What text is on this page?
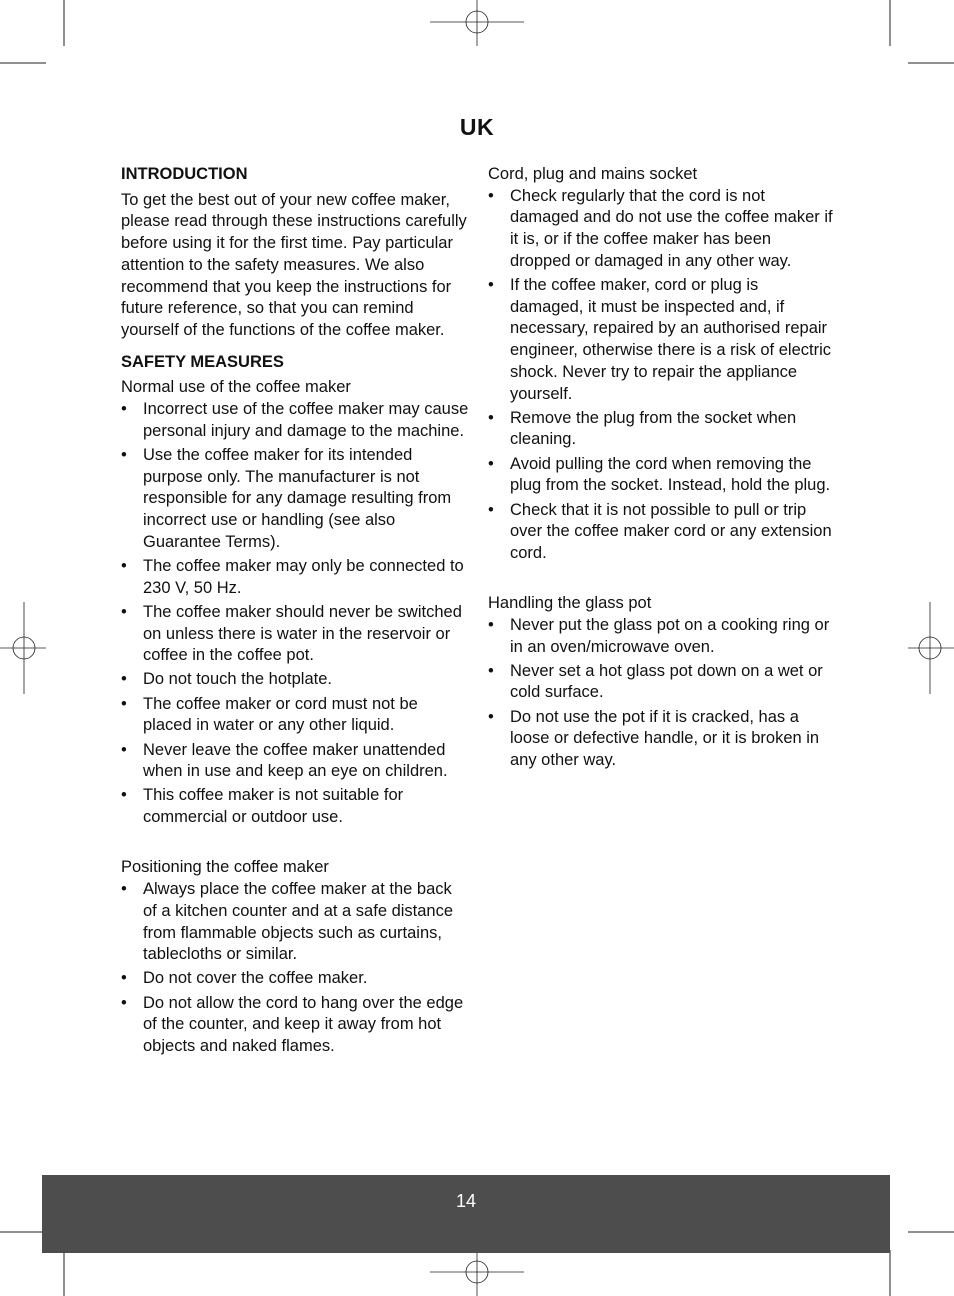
UK
INTRODUCTION

To get the best out of your new coffee maker, please read through these instructions carefully before using it for the first time. Pay particular attention to the safety measures. We also recommend that you keep the instructions for future reference, so that you can remind yourself of the functions of the coffee maker.

SAFETY MEASURES
Normal use of the coffee maker
• Incorrect use of the coffee maker may cause personal injury and damage to the machine.
• Use the coffee maker for its intended purpose only. The manufacturer is not responsible for any damage resulting from incorrect use or handling (see also Guarantee Terms).
• The coffee maker may only be connected to 230 V, 50 Hz.
• The coffee maker should never be switched on unless there is water in the reservoir or coffee in the coffee pot.
• Do not touch the hotplate.
• The coffee maker or cord must not be placed in water or any other liquid.
• Never leave the coffee maker unattended when in use and keep an eye on children.
• This coffee maker is not suitable for commercial or outdoor use.
Positioning the coffee maker
• Always place the coffee maker at the back of a kitchen counter and at a safe distance from flammable objects such as curtains, tablecloths or similar.
• Do not cover the coffee maker.
• Do not allow the cord to hang over the edge of the counter, and keep it away from hot objects and naked flames.
Cord, plug and mains socket
• Check regularly that the cord is not damaged and do not use the coffee maker if it is, or if the coffee maker has been dropped or damaged in any other way.
• If the coffee maker, cord or plug is damaged, it must be inspected and, if necessary, repaired by an authorised repair engineer, otherwise there is a risk of electric shock. Never try to repair the appliance yourself.
• Remove the plug from the socket when cleaning.
• Avoid pulling the cord when removing the plug from the socket. Instead, hold the plug.
• Check that it is not possible to pull or trip over the coffee maker cord or any extension cord.
Handling the glass pot
• Never put the glass pot on a cooking ring or in an oven/microwave oven.
• Never set a hot glass pot down on a wet or cold surface.
• Do not use the pot if it is cracked, has a loose or defective handle, or it is broken in any other way.
14
